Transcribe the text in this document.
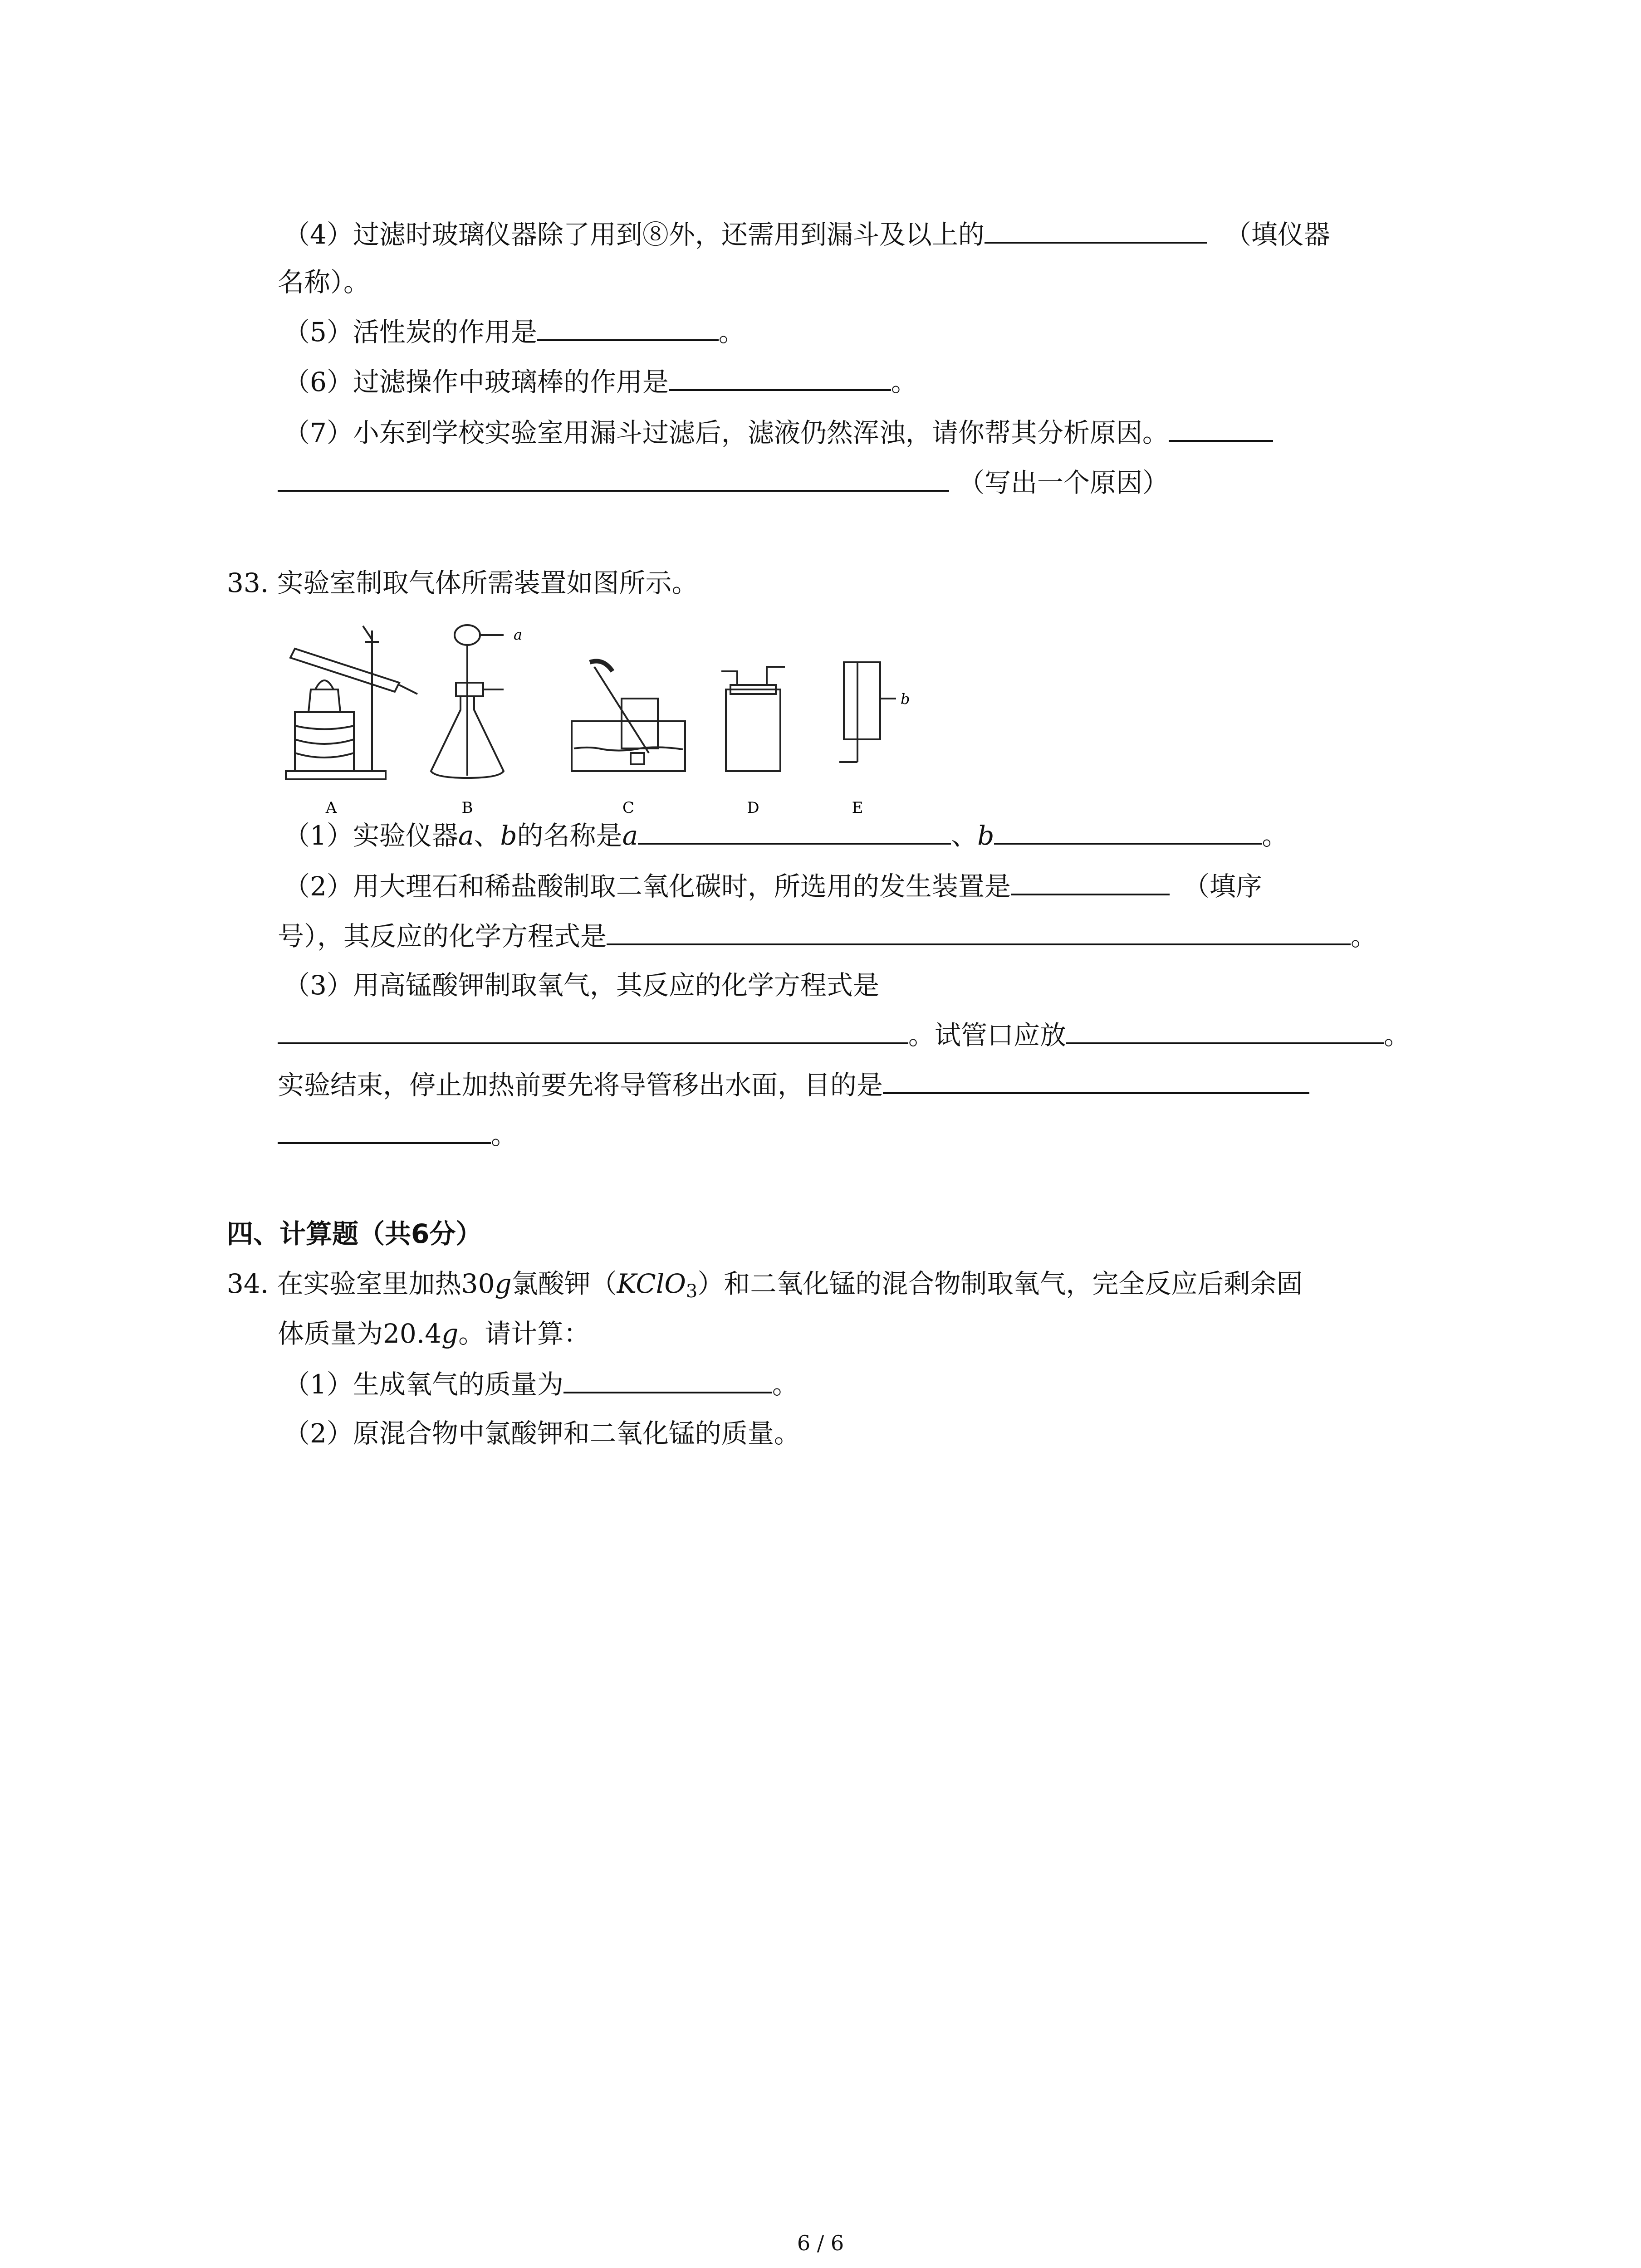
（4）过滤时玻璃仪器除了用到⑧外，还需用到漏斗及以上的	（填仪器
名称）。
（5）活性炭的作用是	。
（6）过滤操作中玻璃棒的作用是	。
（7）小东到学校实验室用漏斗过滤后，滤液仍然浑浊，请你帮其分析原因。
（写出一个原因）
33. 实验室制取气体所需装置如图所示。
A
a
B	C	D
b
E
（1）实验仪器a、b的名称是a	、b	。
（2）用大理石和稀盐酸制取二氧化碳时，所选用的发生装置是	（填序
号），其反应的化学方程式是	。
（3）用高锰酸钾制取氧气，其反应的化学方程式是
。试管口应放	。
实验结束，停止加热前要先将导管移出水面，目的是
。
四、计算题（共6分）
34. 在实验室里加热30g氯酸钾（KClO$_3$）和二氧化锰的混合物制取氧气，完全反应后剩余固
体质量为20.4g。请计算：
（1）生成氧气的质量为	。
（2）原混合物中氯酸钾和二氧化锰的质量。
6 / 6
